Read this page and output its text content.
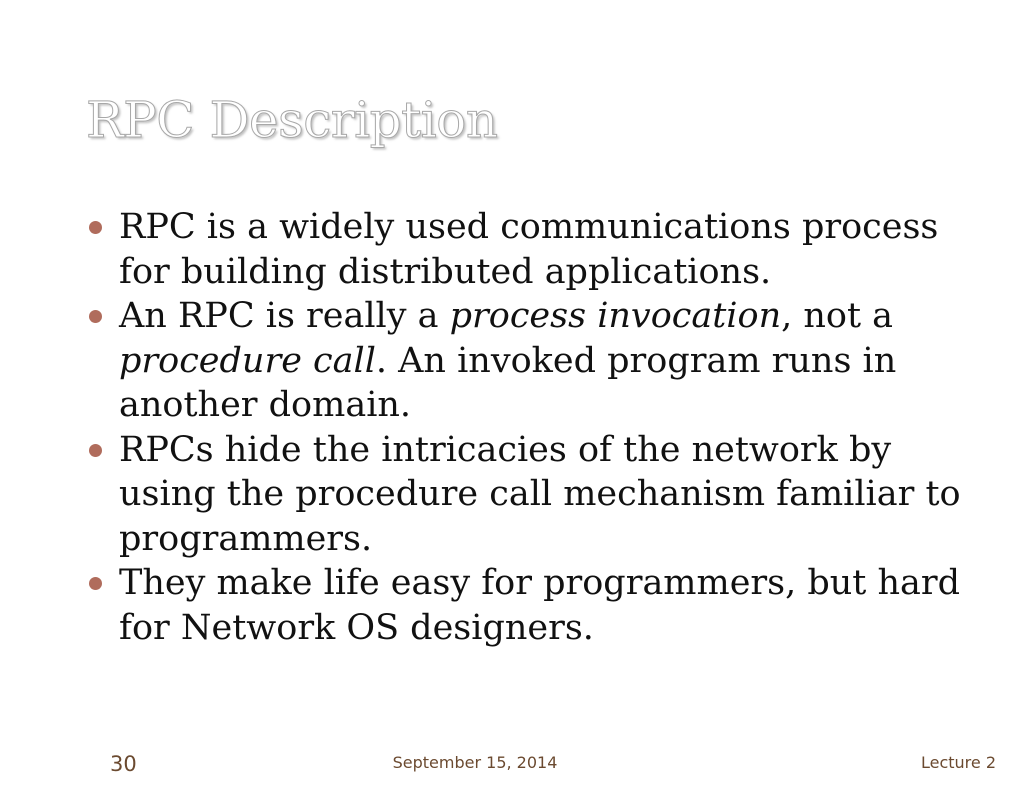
RPC Description
RPC is a widely used communications process for building distributed applications.
An RPC is really a process invocation, not a procedure call. An invoked program runs in another domain.
RPCs hide the intricacies of the network by using the procedure call mechanism familiar to programmers.
They make life easy for programmers, but hard for Network OS designers.
30	September 15, 2014	Lecture 2
